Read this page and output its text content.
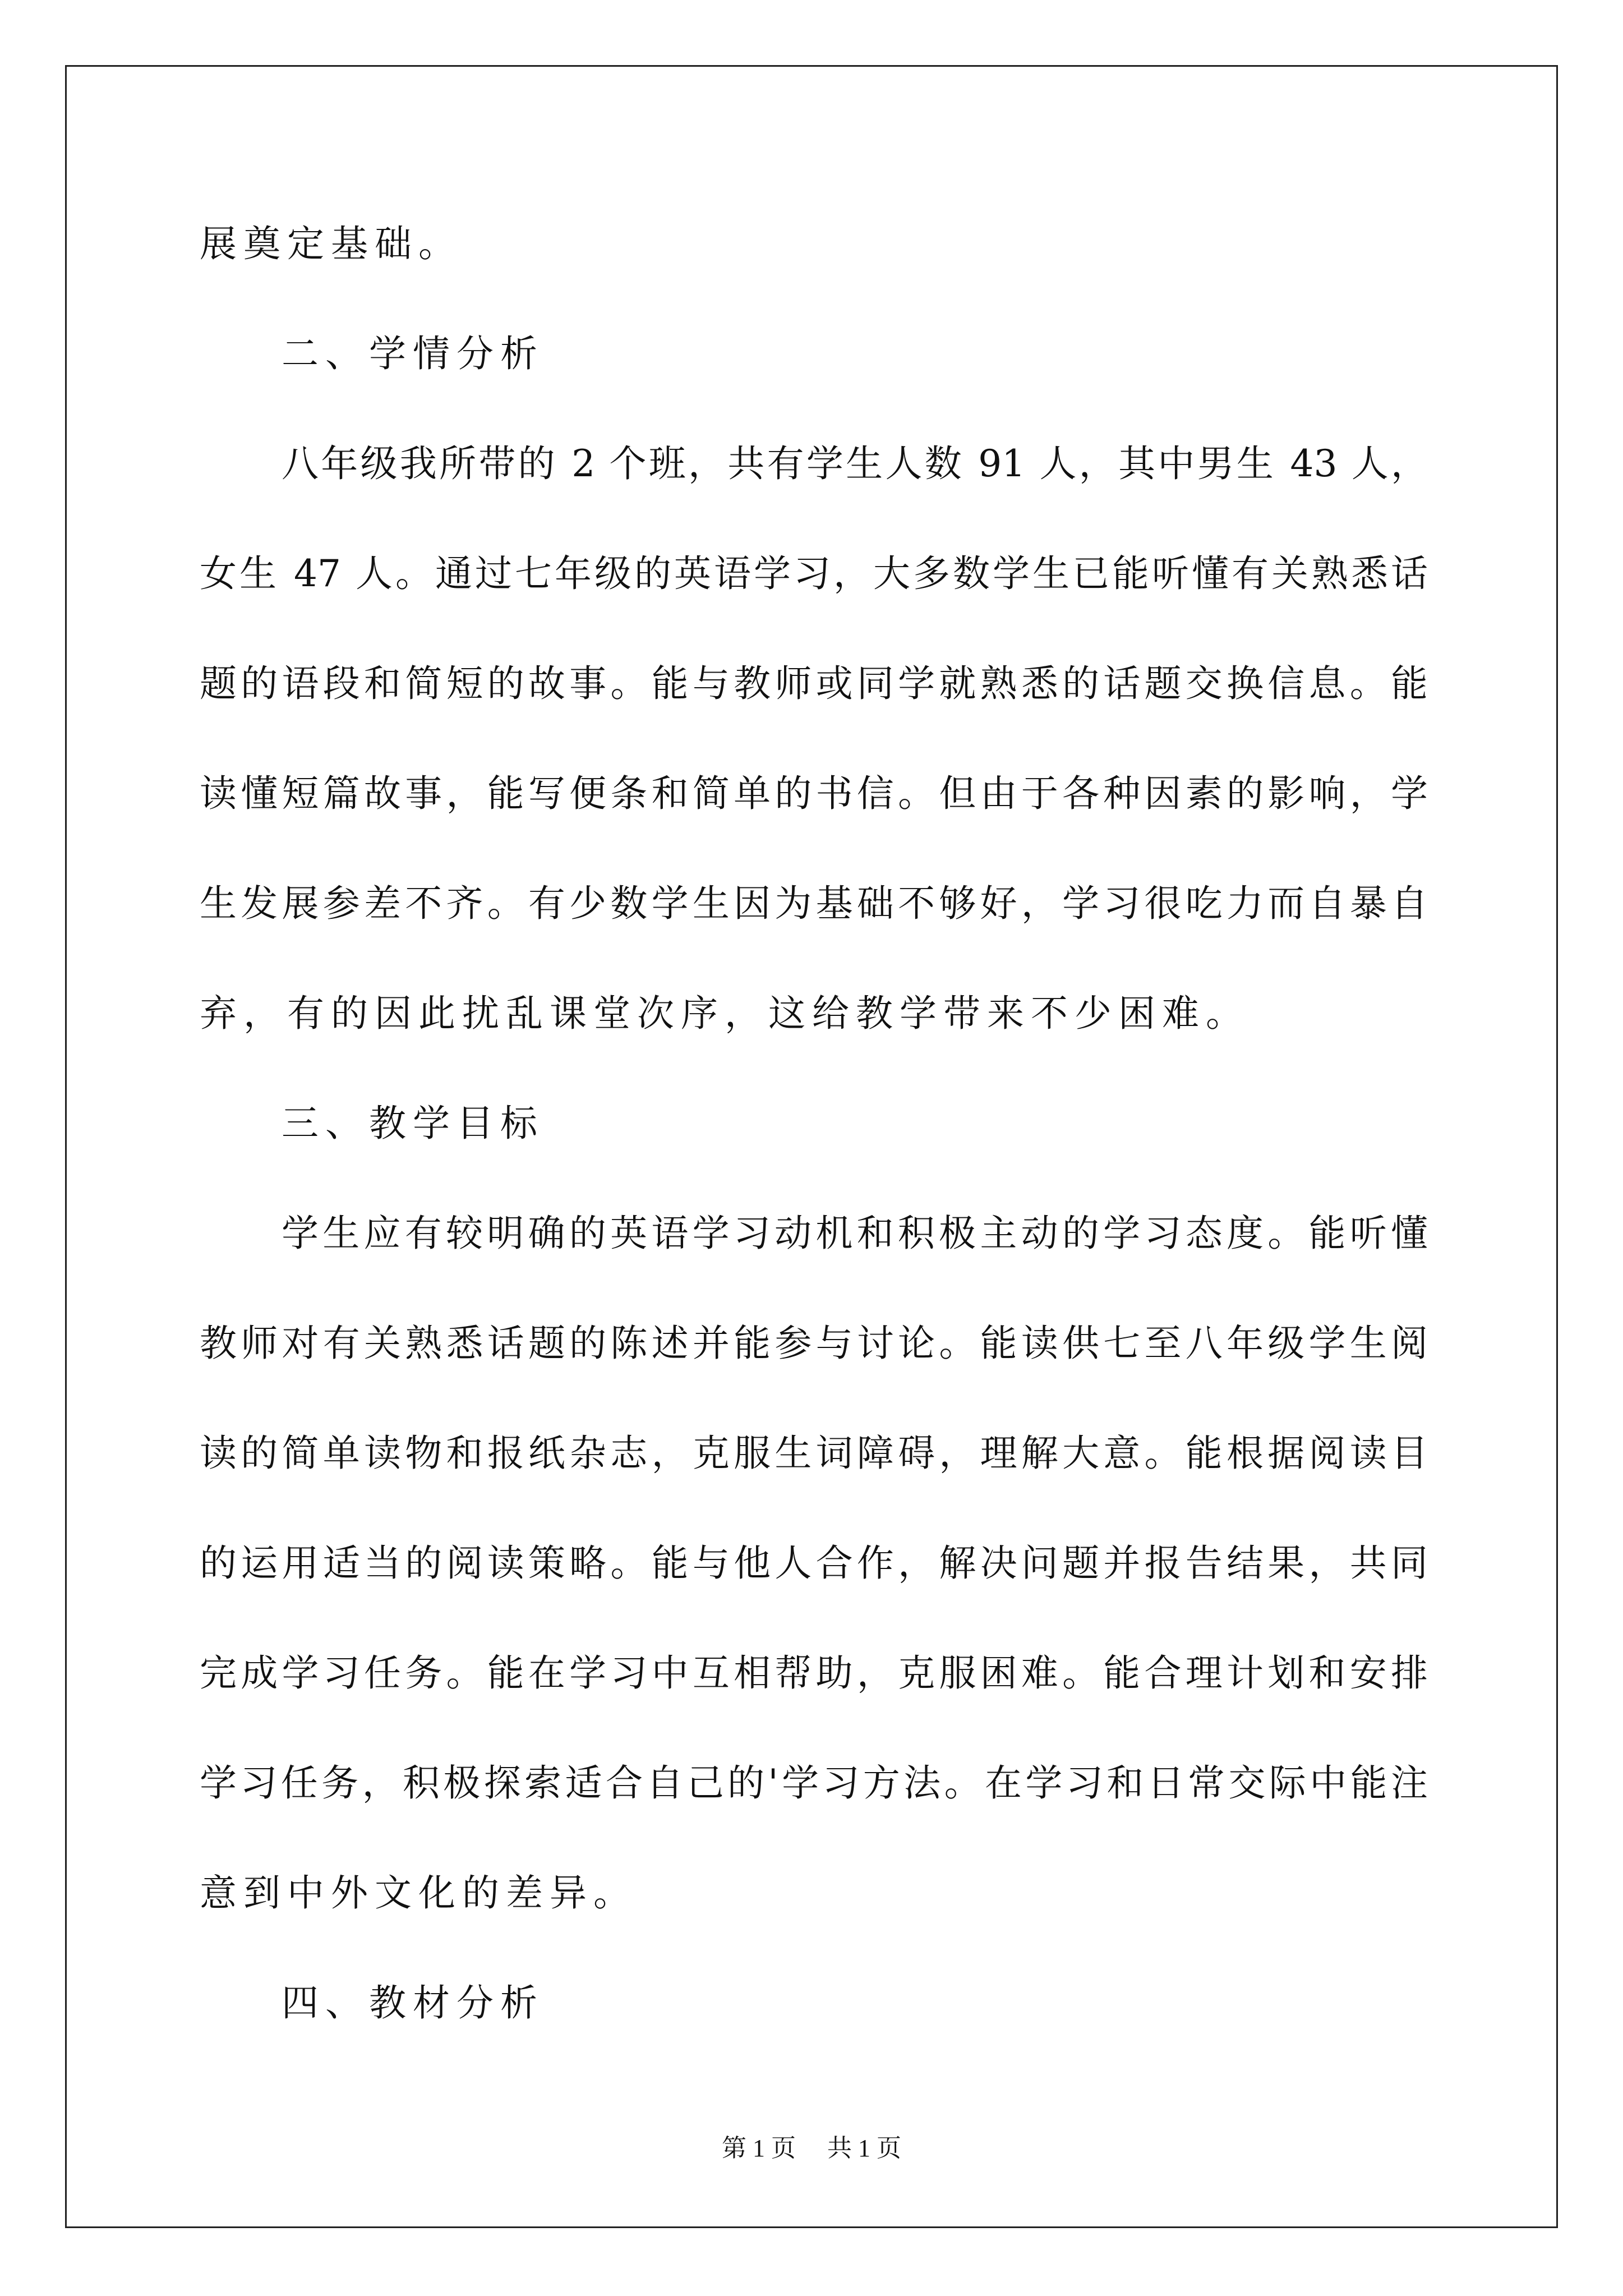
展奠定基础。
二、学情分析
八年级我所带的 2 个班，共有学生人数 91 人，其中男生 43 人，
女生 47 人。通过七年级的英语学习，大多数学生已能听懂有关熟悉话
题的语段和简短的故事。能与教师或同学就熟悉的话题交换信息。能
读懂短篇故事，能写便条和简单的书信。但由于各种因素的影响，学
生发展参差不齐。有少数学生因为基础不够好，学习很吃力而自暴自
弃，有的因此扰乱课堂次序，这给教学带来不少困难。
三、教学目标
学生应有较明确的英语学习动机和积极主动的学习态度。能听懂
教师对有关熟悉话题的陈述并能参与讨论。能读供七至八年级学生阅
读的简单读物和报纸杂志，克服生词障碍，理解大意。能根据阅读目
的运用适当的阅读策略。能与他人合作，解决问题并报告结果，共同
完成学习任务。能在学习中互相帮助，克服困难。能合理计划和安排
学习任务，积极探索适合自己的'学习方法。在学习和日常交际中能注
意到中外文化的差异。
四、教材分析
第 1 页 共 1 页
